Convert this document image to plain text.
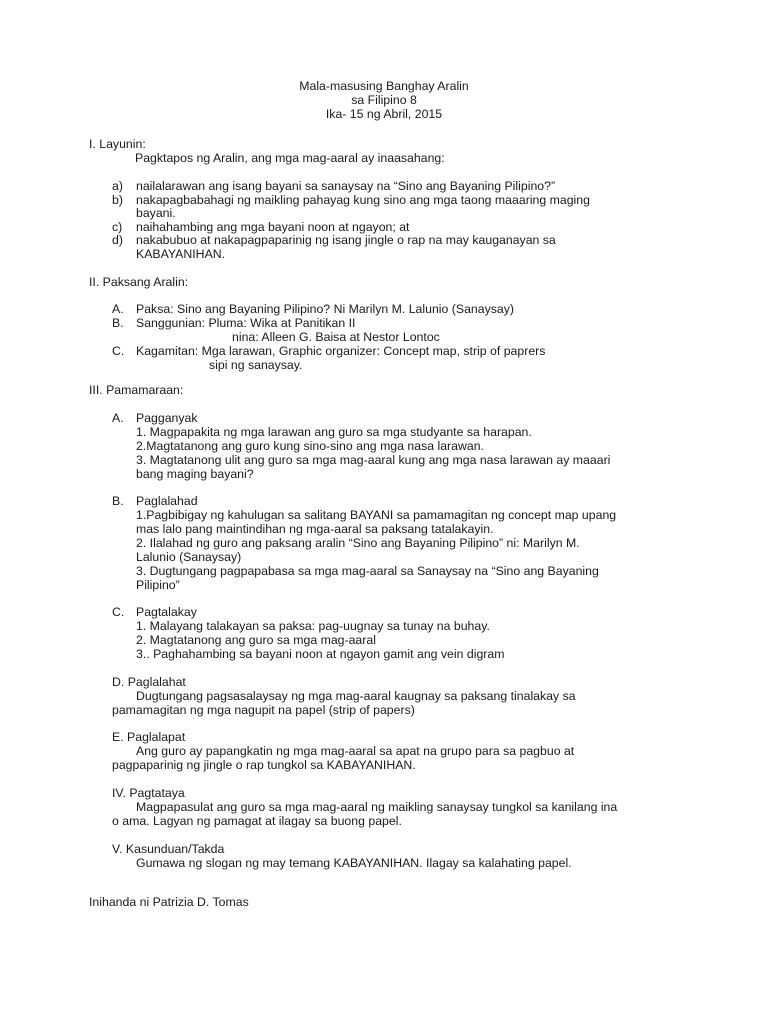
Mala-masusing Banghay Aralin
sa Filipino 8
Ika- 15 ng Abril, 2015
I. Layunin:
Pagktapos ng Aralin, ang mga mag-aaral ay inaasahang:
a) nailalarawan ang isang bayani sa sanaysay na “Sino ang Bayaning Pilipino?”
b) nakapagbabahagi ng maikling pahayag kung sino ang mga taong maaaring maging
bayani.
c) naihahambing ang mga bayani noon at ngayon; at
d) nakabubuo at nakapagpaparinig ng isang jingle o rap na may kauganayan sa
KABAYANIHAN.
II. Paksang Aralin:
A. Paksa: Sino ang Bayaning Pilipino? Ni Marilyn M. Lalunio (Sanaysay)
B. Sanggunian: Pluma: Wika at Panitikan II
nina: Alleen G. Baisa at Nestor Lontoc
C. Kagamitan: Mga larawan, Graphic organizer: Concept map, strip of paprers
sipi ng sanaysay.
III. Pamamaraan:
A. Pagganyak
1. Magpapakita ng mga larawan ang guro sa mga studyante sa harapan.
2.Magtatanong ang guro kung sino-sino ang mga nasa larawan.
3. Magtatanong ulit ang guro sa mga mag-aaral kung ang mga nasa larawan ay maaari
bang maging bayani?
B. Paglalahad
1.Pagbibigay ng kahulugan sa salitang BAYANI sa pamamagitan ng concept map upang
mas lalo pang maintindihan ng mga-aaral sa paksang tatalakayin.
2. Ilalahad ng guro ang paksang aralin “Sino ang Bayaning Pilipino” ni: Marilyn M.
Lalunio (Sanaysay)
3. Dugtungang pagpapabasa sa mga mag-aaral sa Sanaysay na “Sino ang Bayaning
Pilipino”
C. Pagtalakay
1. Malayang talakayan sa paksa: pag-uugnay sa tunay na buhay.
2. Magtatanong ang guro sa mga mag-aaral
3.. Paghahambing sa bayani noon at ngayon gamit ang vein digram
D. Paglalahat
Dugtungang pagsasalaysay ng mga mag-aaral kaugnay sa paksang tinalakay sa
pamamagitan ng mga nagupit na papel (strip of papers)
E. Paglalapat
Ang guro ay papangkatin ng mga mag-aaral sa apat na grupo para sa pagbuo at
pagpaparinig ng jingle o rap tungkol sa KABAYANIHAN.
IV. Pagtataya
Magpapasulat ang guro sa mga mag-aaral ng maikling sanaysay tungkol sa kanilang ina
o ama. Lagyan ng pamagat at ilagay sa buong papel.
V. Kasunduan/Takda
Gumawa ng slogan ng may temang KABAYANIHAN. Ilagay sa kalahating papel.
Inihanda ni Patrizia D. Tomas
